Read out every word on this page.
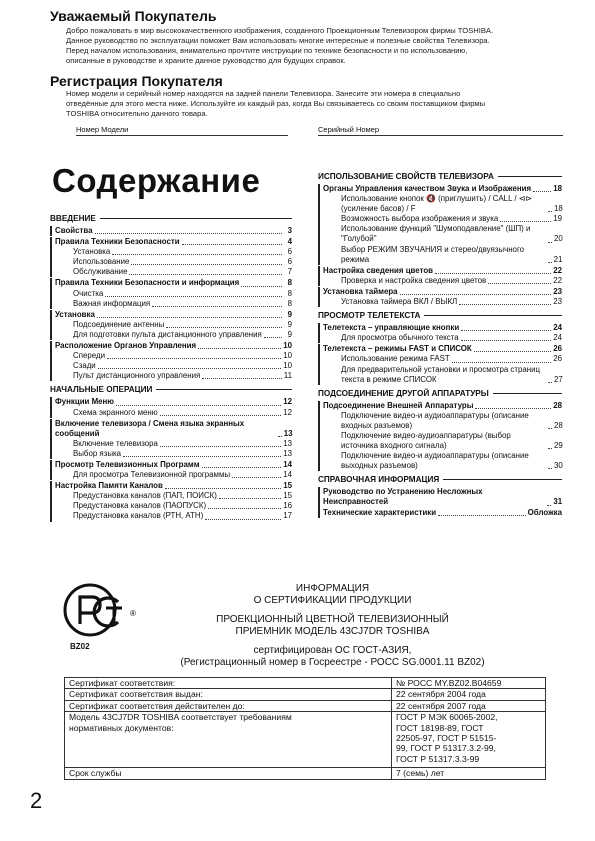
Уважаемый Покупатель
Добро пожаловать в мир высококачественного изображения, созданного Проекционным Телевизором фирмы TOSHIBA.
Данное руководство по эксплуатации поможет Вам использовать многие интересные и полезные свойства Телевизора.
Перед началом использования, внимательно прочтите инструкции по технике безопасности и по использованию,
описанные в руководстве и храните данное руководство для будущих справок.
Регистрация Покупателя
Номер модели и серийный номер находятся на задней панели Телевизора. Занесите эти номера в специально
отведённые для этого места ниже. Используйте их каждый раз, когда Вы связываетесь со своим поставщиком фирмы
TOSHIBA относительно данного товара.
Номер Модели	Серийный Номер
Содержание
ВВЕДЕНИЕ
Свойства	3
Правила Техники Безопасности	4
Установка	6
Использование	6
Обслуживание	7
Правила Техники Безопасности и информация	8
Очистка	8
Важная информация	8
Установка	9
Подсоединение антенны	9
Для подготовки пульта дистанционного управления	9
Расположение Органов Управления	10
Спереди	10
Сзади	10
Пульт дистанционного управления	11
НАЧАЛЬНЫЕ ОПЕРАЦИИ
Функции Меню	12
Схема экранного меню	12
Включение телевизора / Смена языка экранных сообщений	13
Включение телевизора	13
Выбор языка	13
Просмотр Телевизионных Программ	14
Для просмотра Телевизионной программы	14
Настройка Памяти Каналов	15
Предустановка каналов (ПАП, ПОИСК)	15
Предустановка каналов (ПАОПУСК)	16
Предустановка каналов (РТН, АТН)	17
ИСПОЛЬЗОВАНИЕ СВОЙСТВ ТЕЛЕВИЗОРА
Органы Управления качеством Звука и Изображения	18
Использование кнопок 🔇 (приглушить) / CALL / ⊲⊳ (усиление басов) / F	18
Возможность выбора изображения и звука	19
Использование функций "Шумоподавление" (ШП) и "Голубой"	20
Выбор РЕЖИМ ЗВУЧАНИЯ и стерео/двуязычного режима	21
Настройка сведения цветов	22
Проверка и настройка сведения цветов	22
Установка таймера	23
Установка таймера ВКЛ / ВЫКЛ	23
ПРОСМОТР ТЕЛЕТЕКСТА
Телетекста – управляющие кнопки	24
Для просмотра обычного текста	24
Телетекста – режимы FAST и СПИСОК	26
Использование режима FAST	26
Для предварительной установки и просмотра страниц текста в режиме СПИСОК	27
ПОДСОЕДИНЕНИЕ ДРУГОЙ АППАРАТУРЫ
Подсоединение Внешней Аппаратуры	28
Подключение видео-и аудиоаппаратуры (описание входных разъемов)	28
Подключение видео-аудиоаппаратуры (выбор источника входного сигнала)	29
Подключение видео-и аудиоаппаратуры (описание выходных разъемов)	30
СПРАВОЧНАЯ ИНФОРМАЦИЯ
Руководство по Устранению Несложных Неисправностей	31
Технические характеристики	Обложка
®
BZ02
ИНФОРМАЦИЯ
О СЕРТИФИКАЦИИ ПРОДУКЦИИ
ПРОЕКЦИОННЫЙ ЦВЕТНОЙ ТЕЛЕВИЗИОННЫЙ
ПРИЕМНИК МОДЕЛЬ 43CJ7DR TOSHIBA
сертифицирован ОС ГОСТ-АЗИЯ,
(Регистрационный номер в Госреестре - РОСС SG.0001.11 BZ02)
Сертификат соответствия:	№ РОСС MY.BZ02.B04659
Сертификат соответствия выдан:	22 сентября 2004 года
Сертификат соответствия действителен до:	22 сентября 2007 года
Модель 43CJ7DR TOSHIBA соответствует требованиям нормативных документов:	ГОСТ Р МЭК 60065-2002, ГОСТ 18198-89, ГОСТ 22505-97, ГОСТ Р 51515-99, ГОСТ Р 51317.3.2-99, ГОСТ Р 51317.3.3-99
Срок службы	7 (семь) лет
2
